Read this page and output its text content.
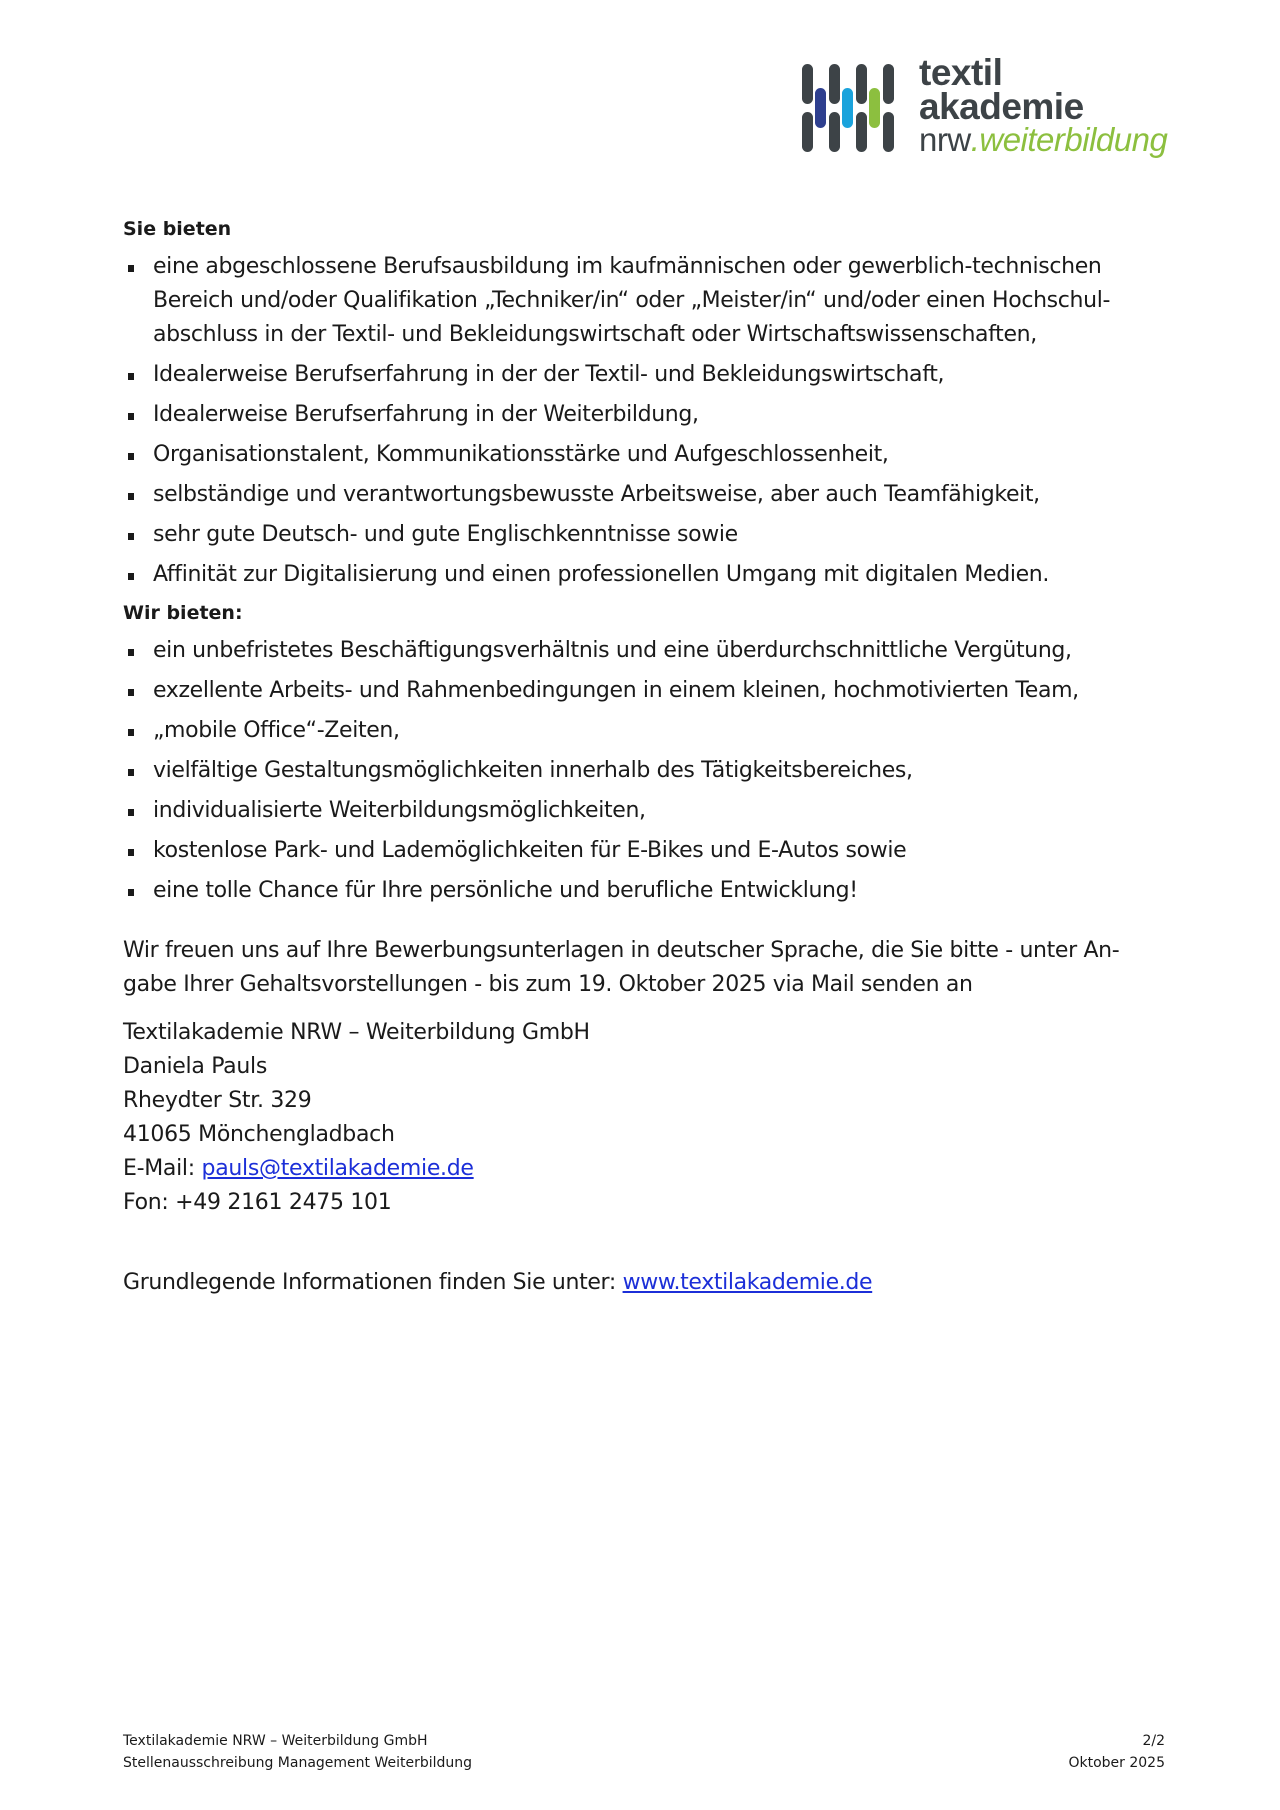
textil
akademie
nrw.weiterbildung
Sie bieten
eine abgeschlossene Berufsausbildung im kaufmännischen oder gewerblich-technischen
Bereich und/oder Qualifikation „Techniker/in“ oder „Meister/in“ und/oder einen Hochschul-
abschluss in der Textil- und Bekleidungswirtschaft oder Wirtschaftswissenschaften,
Idealerweise Berufserfahrung in der der Textil- und Bekleidungswirtschaft,
Idealerweise Berufserfahrung in der Weiterbildung,
Organisationstalent, Kommunikationsstärke und Aufgeschlossenheit,
selbständige und verantwortungsbewusste Arbeitsweise, aber auch Teamfähigkeit,
sehr gute Deutsch- und gute Englischkenntnisse sowie
Affinität zur Digitalisierung und einen professionellen Umgang mit digitalen Medien.
Wir bieten:
ein unbefristetes Beschäftigungsverhältnis und eine überdurchschnittliche Vergütung,
exzellente Arbeits- und Rahmenbedingungen in einem kleinen, hochmotivierten Team,
„mobile Office“-Zeiten,
vielfältige Gestaltungsmöglichkeiten innerhalb des Tätigkeitsbereiches,
individualisierte Weiterbildungsmöglichkeiten,
kostenlose Park- und Lademöglichkeiten für E-Bikes und E-Autos sowie
eine tolle Chance für Ihre persönliche und berufliche Entwicklung!
Wir freuen uns auf Ihre Bewerbungsunterlagen in deutscher Sprache, die Sie bitte - unter An-
gabe Ihrer Gehaltsvorstellungen - bis zum 19. Oktober 2025 via Mail senden an
Textilakademie NRW – Weiterbildung GmbH
Daniela Pauls
Rheydter Str. 329
41065 Mönchengladbach
E-Mail: pauls@textilakademie.de
Fon: +49 2161 2475 101
Grundlegende Informationen finden Sie unter: www.textilakademie.de
Textilakademie NRW – Weiterbildung GmbH
Stellenausschreibung Management Weiterbildung
2/2
Oktober 2025
